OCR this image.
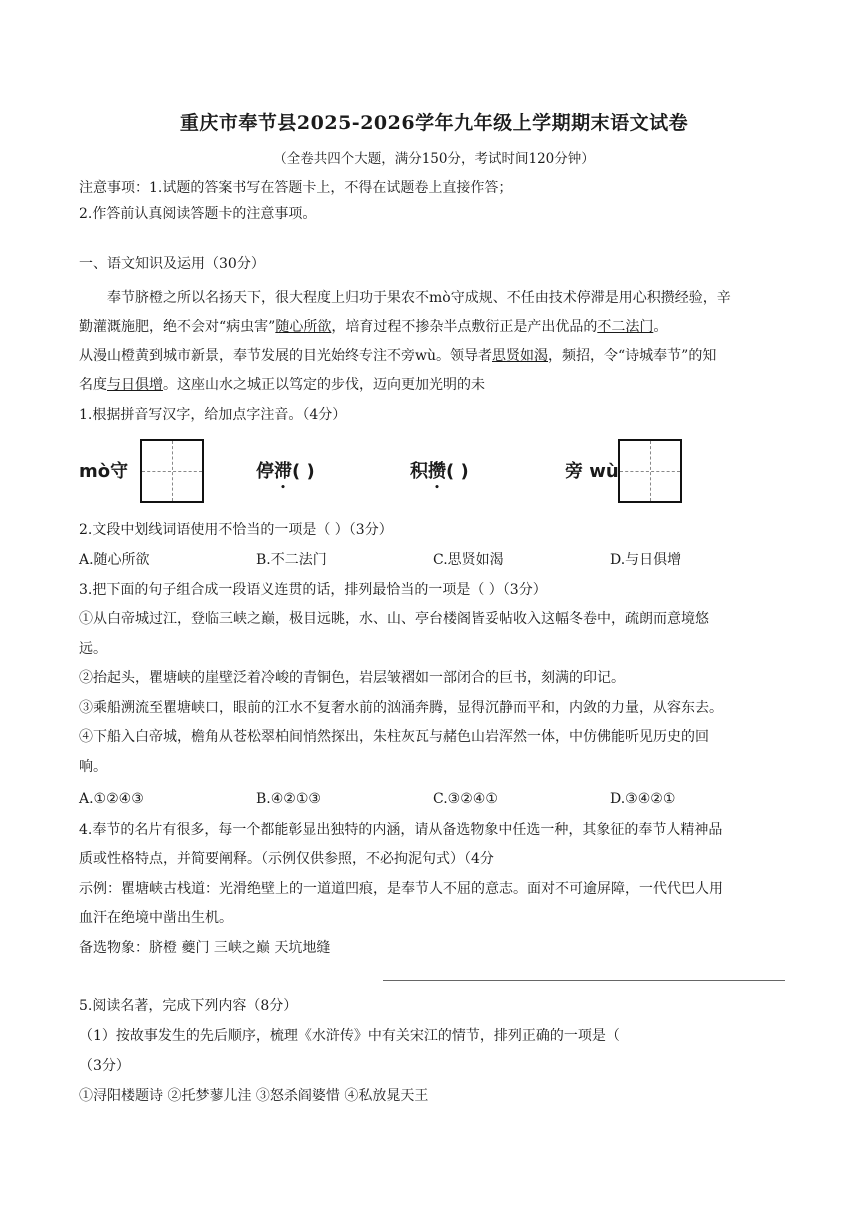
重庆市奉节县2025-2026学年九年级上学期期末语文试卷
（全卷共四个大题，满分150分，考试时间120分钟）
注意事项：1.试题的答案书写在答题卡上，不得在试题卷上直接作答；
2.作答前认真阅读答题卡的注意事项。
一、语文知识及运用（30分）
奉节脐橙之所以名扬天下，很大程度上归功于果农不mò守成规、不任由技术停滞是用心积攒经验，辛
勤灌溉施肥，绝不会对“病虫害”随心所欲，培育过程不掺杂半点敷衍正是产出优品的不二法门。
从漫山橙黄到城市新景，奉节发展的目光始终专注不旁wù。领导者思贤如渴，频招，令“诗城奉节”的知
名度与日俱增。这座山水之城正以笃定的步伐，迈向更加光明的未
1.根据拼音写汉字，给加点字注音。（4分）
mò守	停滞( )	积攒( )	旁 wù
2.文段中划线词语使用不恰当的一项是（ ）（3分）
A.随心所欲	B.不二法门	C.思贤如渴	D.与日俱增
3.把下面的句子组合成一段语义连贯的话，排列最恰当的一项是（ ）（3分）
①从白帝城过江，登临三峡之巅，极目远眺，水、山、亭台楼阁皆妥帖收入这幅冬卷中，疏朗而意境悠
远。
②抬起头，瞿塘峡的崖壁泛着冷峻的青铜色，岩层皱褶如一部闭合的巨书，刻满的印记。
③乘船溯流至瞿塘峡口，眼前的江水不复奢水前的汹涌奔腾，显得沉静而平和，内敛的力量，从容东去。
④下船入白帝城，檐角从苍松翠柏间悄然探出，朱柱灰瓦与赭色山岩浑然一体，中仿佛能听见历史的回
响。
A.①②④③	B.④②①③	C.③②④①	D.③④②①
4.奉节的名片有很多，每一个都能彰显出独特的内涵，请从备选物象中任选一种，其象征的奉节人精神品
质或性格特点，并简要阐释。（示例仅供参照，不必拘泥句式）（4分
示例：瞿塘峡古栈道：光滑绝壁上的一道道凹痕，是奉节人不屈的意志。面对不可逾屏障，一代代巴人用
血汗在绝境中凿出生机。
备选物象：脐橙 夔门 三峡之巅 天坑地缝
5.阅读名著，完成下列内容（8分）
（1）按故事发生的先后顺序，梳理《水浒传》中有关宋江的情节，排列正确的一项是（
（3分）
①浔阳楼题诗 ②托梦蓼儿洼 ③怒杀阎婆惜 ④私放晁天王
